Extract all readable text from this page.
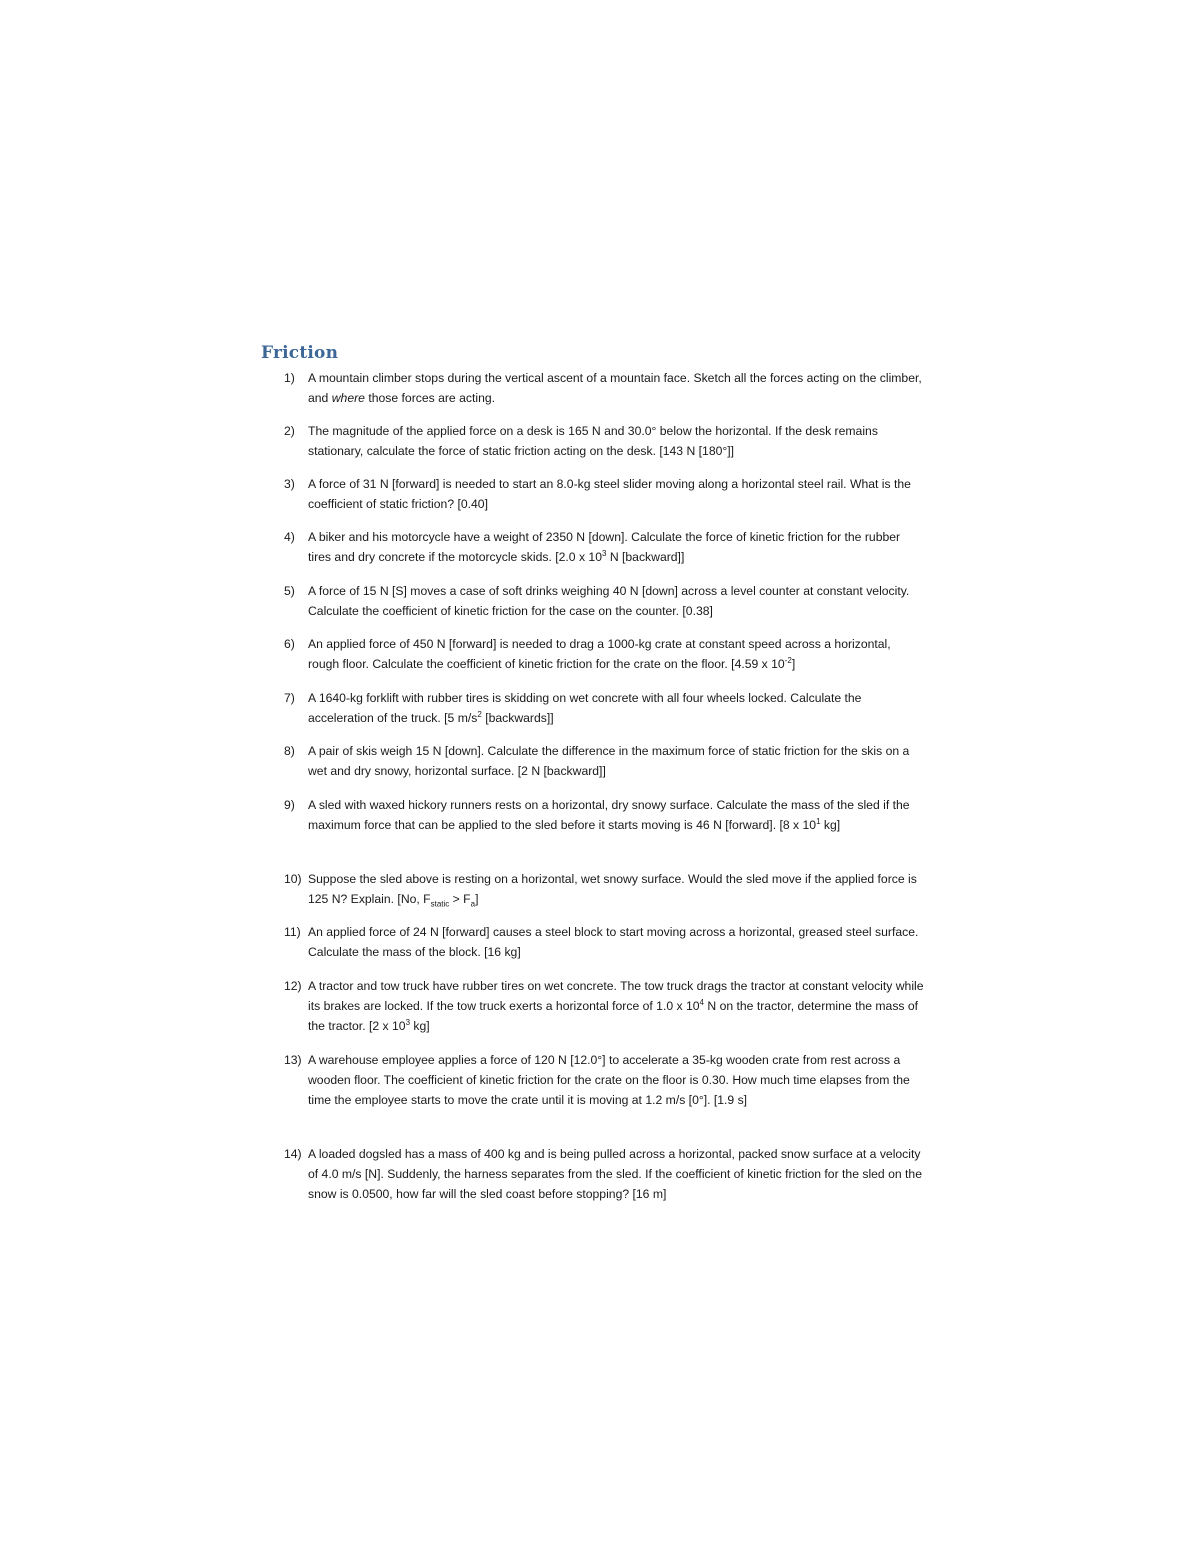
Friction
1)	A mountain climber stops during the vertical ascent of a mountain face. Sketch all the forces acting on the climber, and where those forces are acting.
2)	The magnitude of the applied force on a desk is 165 N and 30.0° below the horizontal. If the desk remains stationary, calculate the force of static friction acting on the desk. [143 N [180°]]
3)	A force of 31 N [forward] is needed to start an 8.0-kg steel slider moving along a horizontal steel rail. What is the coefficient of static friction? [0.40]
4)	A biker and his motorcycle have a weight of 2350 N [down]. Calculate the force of kinetic friction for the rubber tires and dry concrete if the motorcycle skids. [2.0 x $10^3$ N [backward]]
5)	A force of 15 N [S] moves a case of soft drinks weighing 40 N [down] across a level counter at constant velocity. Calculate the coefficient of kinetic friction for the case on the counter. [0.38]
6)	An applied force of 450 N [forward] is needed to drag a 1000-kg crate at constant speed across a horizontal, rough floor. Calculate the coefficient of kinetic friction for the crate on the floor. [4.59 x $10^{-2}$]
7)	A 1640-kg forklift with rubber tires is skidding on wet concrete with all four wheels locked. Calculate the acceleration of the truck. [5 $m/s^2$ [backwards]]
8)	A pair of skis weigh 15 N [down]. Calculate the difference in the maximum force of static friction for the skis on a wet and dry snowy, horizontal surface. [2 N [backward]]
9)	A sled with waxed hickory runners rests on a horizontal, dry snowy surface. Calculate the mass of the sled if the maximum force that can be applied to the sled before it starts moving is 46 N [forward]. [8 x $10^1$ kg]
10) Suppose the sled above is resting on a horizontal, wet snowy surface. Would the sled move if the applied force is 125 N? Explain. [No, $F_{static} > F_a$]
11) An applied force of 24 N [forward] causes a steel block to start moving across a horizontal, greased steel surface. Calculate the mass of the block. [16 kg]
12) A tractor and tow truck have rubber tires on wet concrete. The tow truck drags the tractor at constant velocity while its brakes are locked. If the tow truck exerts a horizontal force of 1.0 x $10^4$ N on the tractor, determine the mass of the tractor. [2 x $10^3$ kg]
13) A warehouse employee applies a force of 120 N [12.0°] to accelerate a 35-kg wooden crate from rest across a wooden floor. The coefficient of kinetic friction for the crate on the floor is 0.30. How much time elapses from the time the employee starts to move the crate until it is moving at 1.2 m/s [0°]. [1.9 s]
14) A loaded dogsled has a mass of 400 kg and is being pulled across a horizontal, packed snow surface at a velocity of 4.0 m/s [N]. Suddenly, the harness separates from the sled. If the coefficient of kinetic friction for the sled on the snow is 0.0500, how far will the sled coast before stopping? [16 m]
